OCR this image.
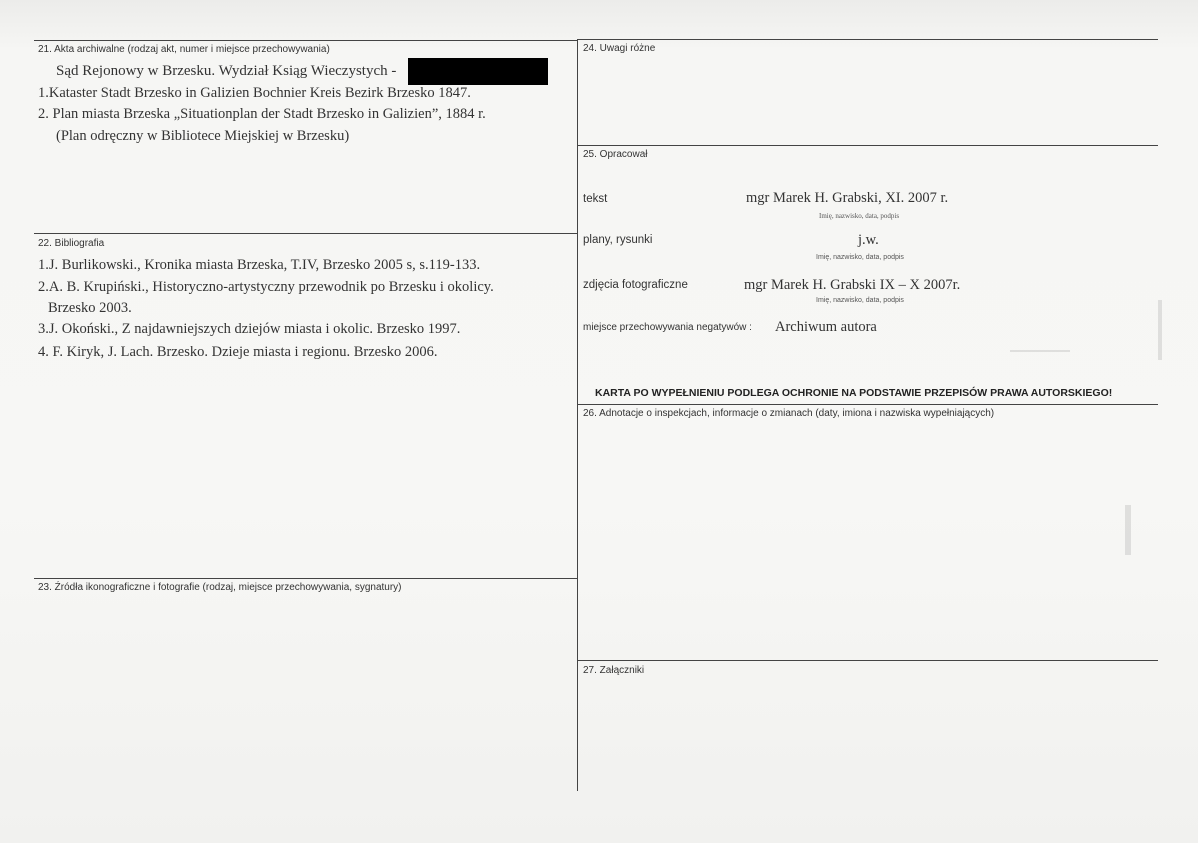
21. Akta archiwalne (rodzaj akt, numer i miejsce przechowywania)
Sąd Rejonowy w Brzesku. Wydział Ksiąg Wieczystych -
1.Kataster Stadt Brzesko in Galizien Bochnier Kreis Bezirk Brzesko 1847.
2. Plan miasta Brzeska „Situationplan der Stadt Brzesko in Galizien”, 1884 r.
(Plan odręczny w Bibliotece Miejskiej w Brzesku)
22. Bibliografia
1.J. Burlikowski., Kronika miasta Brzeska, T.IV, Brzesko 2005 s, s.119-133.
2.A. B. Krupiński., Historyczno-artystyczny przewodnik po Brzesku i okolicy.
Brzesko 2003.
3.J. Okoński., Z najdawniejszych dziejów miasta i okolic. Brzesko 1997.
4. F. Kiryk, J. Lach. Brzesko. Dzieje miasta i regionu. Brzesko 2006.
23. Źródła ikonograficzne i fotografie (rodzaj, miejsce przechowywania, sygnatury)
24. Uwagi różne
25. Opracował
tekst	mgr Marek H. Grabski, XI. 2007 r.
Imię, nazwisko, data, podpis
plany, rysunki	j.w.
Imię, nazwisko, data, podpis
zdjęcia fotograficzne	mgr Marek H. Grabski IX – X 2007r.
Imię, nazwisko, data, podpis
miejsce przechowywania negatywów : Archiwum autora
KARTA PO WYPEŁNIENIU PODLEGA OCHRONIE NA PODSTAWIE PRZEPISÓW PRAWA AUTORSKIEGO!
26. Adnotacje o inspekcjach, informacje o zmianach (daty, imiona i nazwiska wypełniających)
27. Załączniki
